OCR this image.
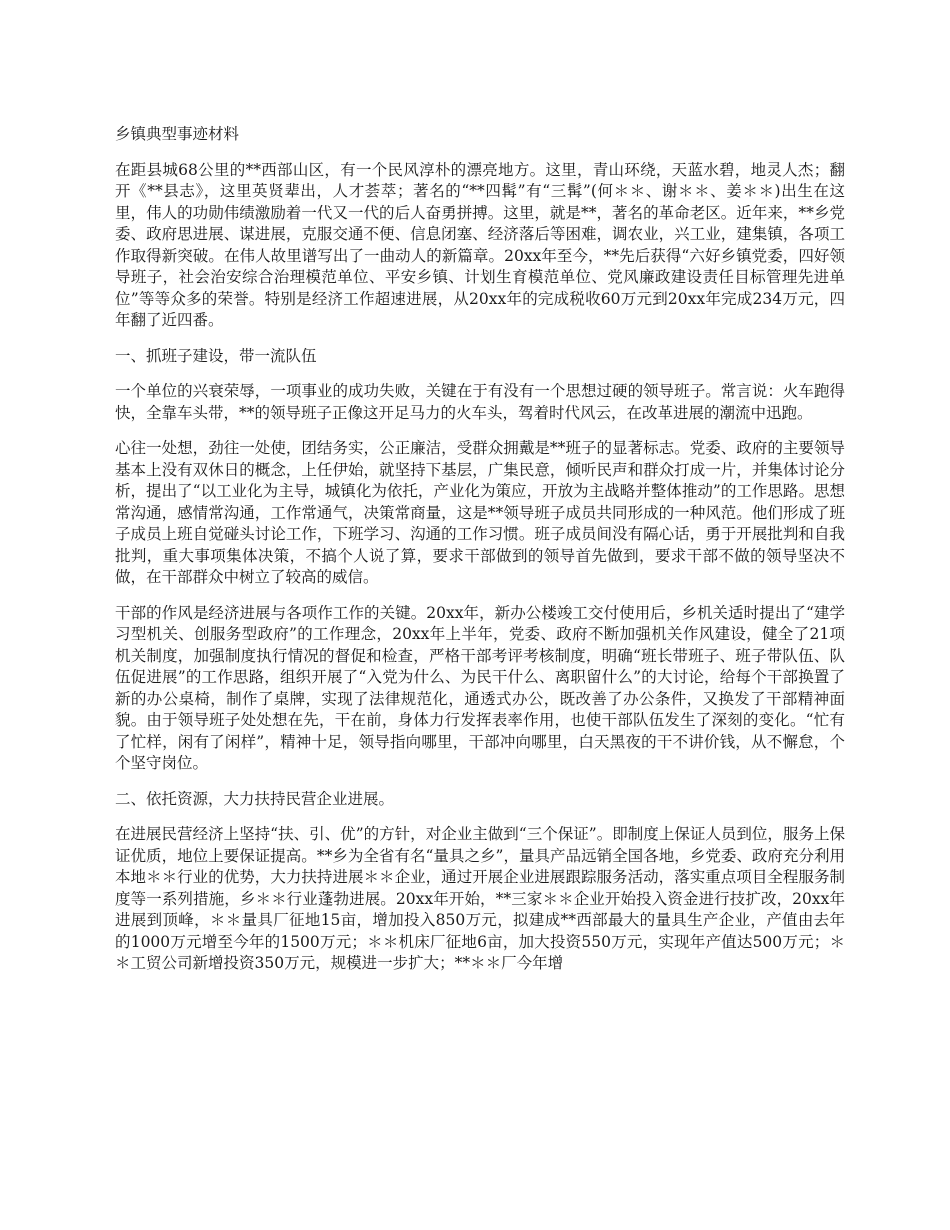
乡镇典型事迹材料

在距县城68公里的**西部山区，有一个民风淳朴的漂亮地方。这里，青山环绕，天蓝水碧，地灵人杰；翻开《**县志》，这里英贤辈出，人才荟萃；著名的“**四髯”有“三髯”(何＊＊、谢＊＊、姜＊＊)出生在这里，伟人的功勋伟绩激励着一代又一代的后人奋勇拼搏。这里，就是**，著名的革命老区。近年来，**乡党委、政府思进展、谋进展，克服交通不便、信息闭塞、经济落后等困难，调农业，兴工业，建集镇，各项工作取得新突破。在伟人故里谱写出了一曲动人的新篇章。20xx年至今，**先后获得“六好乡镇党委，四好领导班子，社会治安综合治理模范单位、平安乡镇、计划生育模范单位、党风廉政建设责任目标管理先进单位”等等众多的荣誉。特别是经济工作超速进展，从20xx年的完成税收60万元到20xx年完成234万元，四年翻了近四番。

一、抓班子建设，带一流队伍

一个单位的兴衰荣辱，一项事业的成功失败，关键在于有没有一个思想过硬的领导班子。常言说：火车跑得快，全靠车头带，**的领导班子正像这开足马力的火车头，驾着时代风云，在改革进展的潮流中迅跑。

心往一处想，劲往一处使，团结务实，公正廉洁，受群众拥戴是**班子的显著标志。党委、政府的主要领导基本上没有双休日的概念，上任伊始，就坚持下基层，广集民意，倾听民声和群众打成一片，并集体讨论分析，提出了“以工业化为主导，城镇化为依托，产业化为策应，开放为主战略并整体推动”的工作思路。思想常沟通，感情常沟通，工作常通气，决策常商量，这是**领导班子成员共同形成的一种风范。他们形成了班子成员上班自觉碰头讨论工作，下班学习、沟通的工作习惯。班子成员间没有隔心话，勇于开展批判和自我批判，重大事项集体决策，不搞个人说了算，要求干部做到的领导首先做到，要求干部不做的领导坚决不做，在干部群众中树立了较高的威信。

干部的作风是经济进展与各项作工作的关键。20xx年，新办公楼竣工交付使用后，乡机关适时提出了“建学习型机关、创服务型政府”的工作理念，20xx年上半年，党委、政府不断加强机关作风建设，健全了21项机关制度，加强制度执行情况的督促和检查，严格干部考评考核制度，明确“班长带班子、班子带队伍、队伍促进展”的工作思路，组织开展了“入党为什么、为民干什么、离职留什么”的大讨论，给每个干部换置了新的办公桌椅，制作了桌牌，实现了法律规范化，通透式办公，既改善了办公条件，又换发了干部精神面貌。由于领导班子处处想在先，干在前，身体力行发挥表率作用，也使干部队伍发生了深刻的变化。“忙有了忙样，闲有了闲样”，精神十足，领导指向哪里，干部冲向哪里，白天黑夜的干不讲价钱，从不懈怠，个个坚守岗位。

二、依托资源，大力扶持民营企业进展。

在进展民营经济上坚持“扶、引、优”的方针，对企业主做到“三个保证”。即制度上保证人员到位，服务上保证优质，地位上要保证提高。**乡为全省有名“量具之乡”，量具产品远销全国各地，乡党委、政府充分利用本地＊＊行业的优势，大力扶持进展＊＊企业，通过开展企业进展跟踪服务活动，落实重点项目全程服务制度等一系列措施，乡＊＊行业蓬勃进展。20xx年开始，**三家＊＊企业开始投入资金进行技扩改，20xx年进展到顶峰，＊＊量具厂征地15亩，增加投入850万元，拟建成**西部最大的量具生产企业，产值由去年的1000万元增至今年的1500万元；＊＊机床厂征地6亩，加大投资550万元，实现年产值达500万元；＊＊工贸公司新增投资350万元，规模进一步扩大；**＊＊厂今年增
